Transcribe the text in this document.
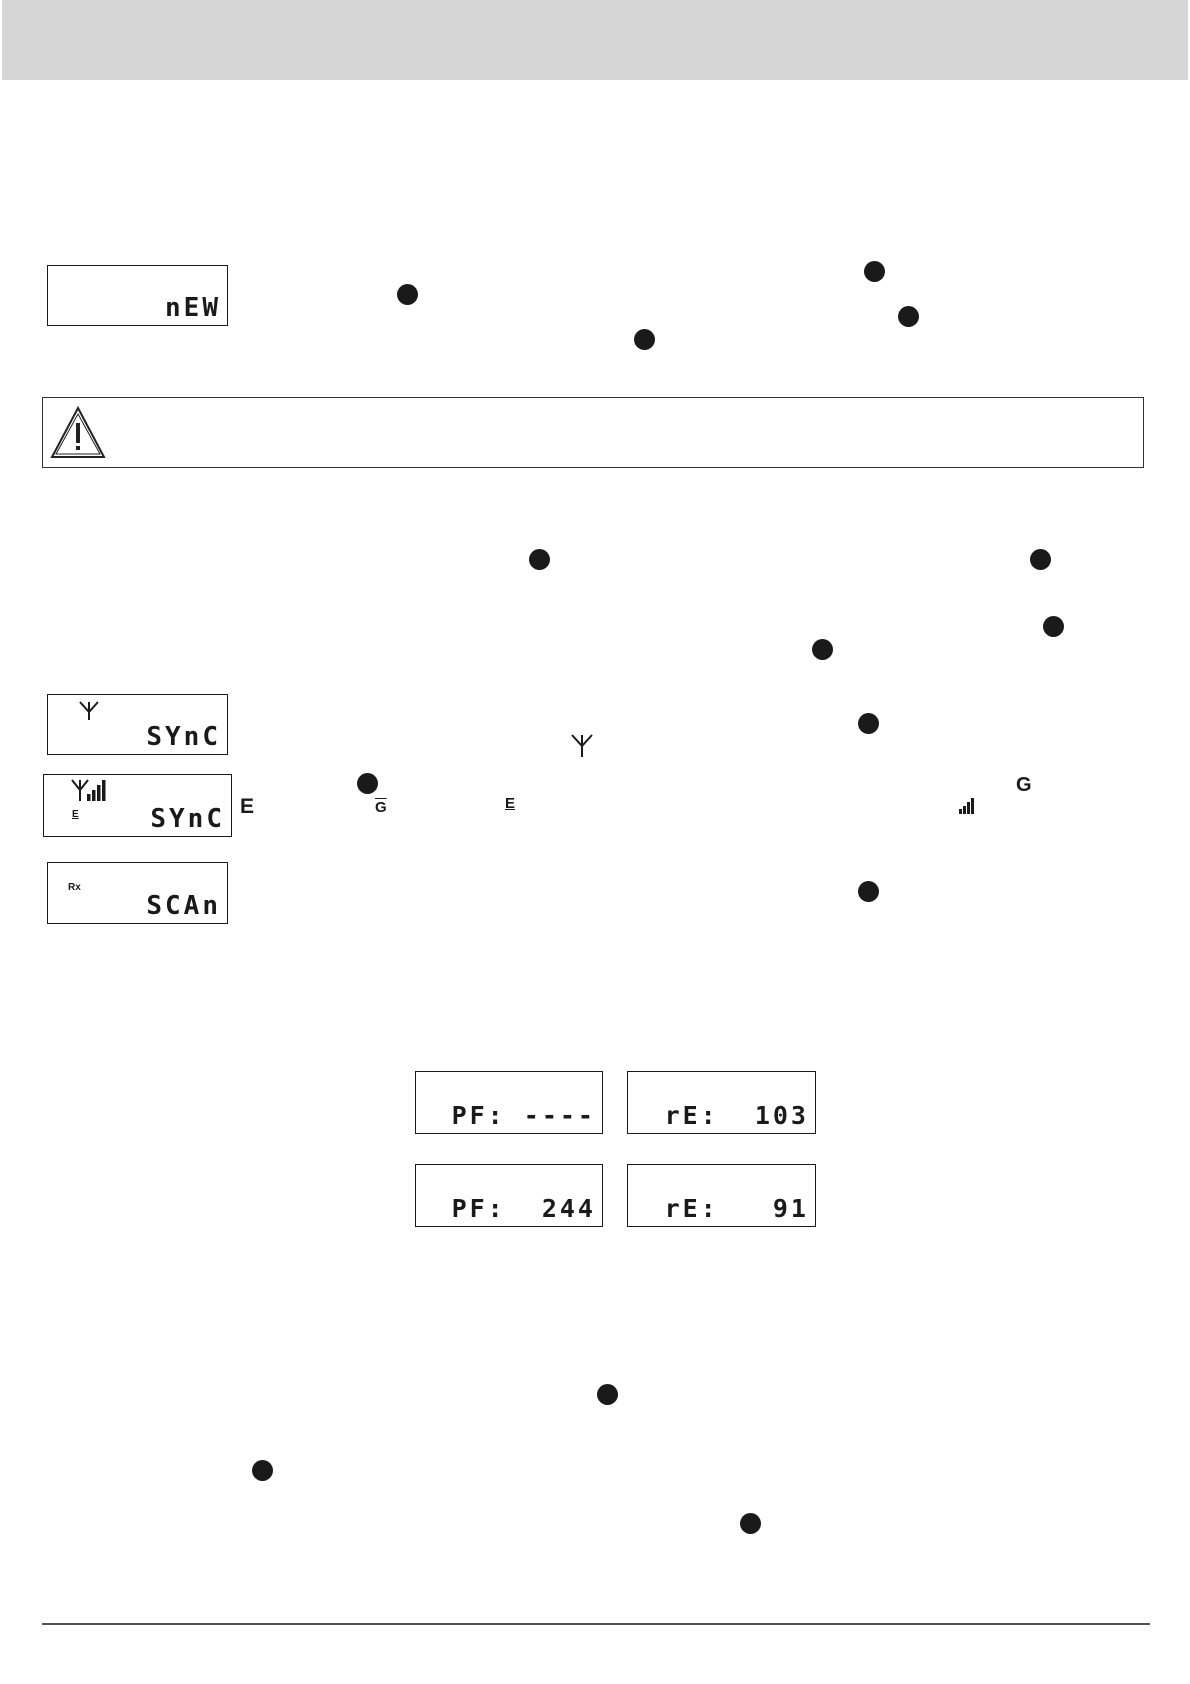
nEW
SYnC
E	SYnC
G
E	$\overline{G}$	E
Rx
SCAn
PF: ----	rE:  103
PF:  244	rE:   91
